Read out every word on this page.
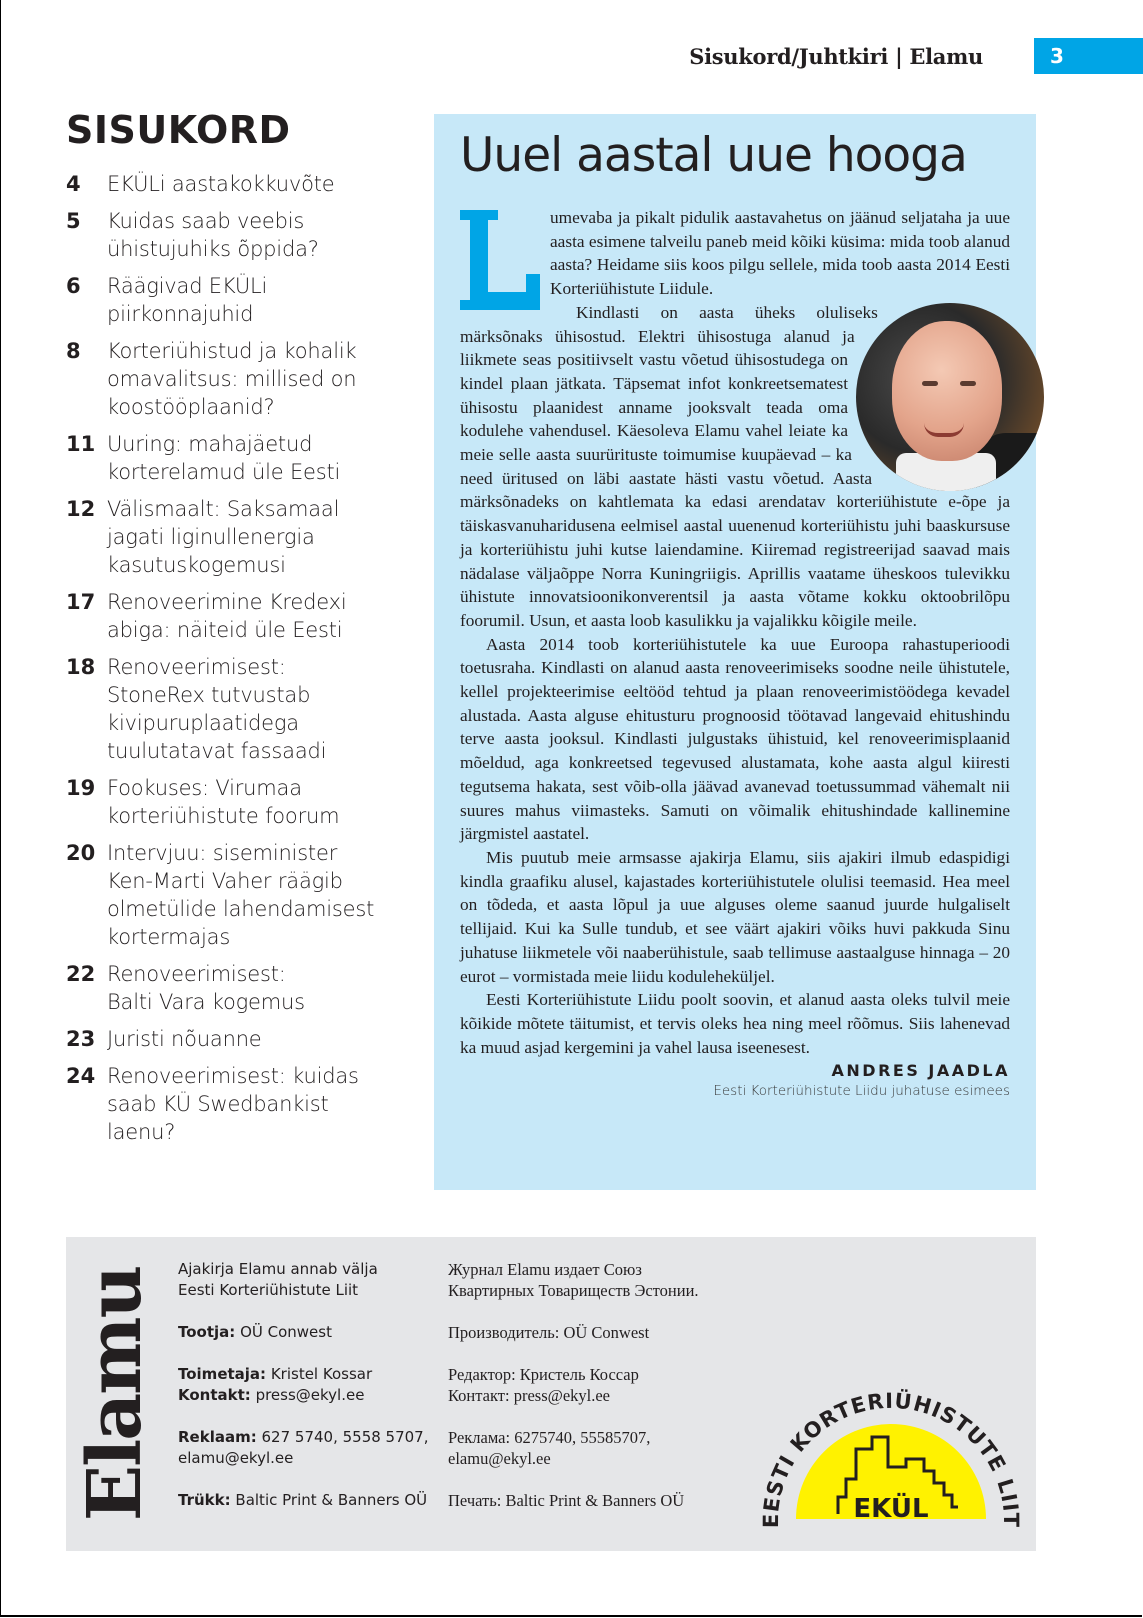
Sisukord/Juhtkiri | Elamu	3
SISUKORD
4	EKÜLi aastakokkuvõte
5	Kuidas saab veebis
ühistujuhiks õppida?
6	Räägivad EKÜLi
piirkonnajuhid
8	Korteriühistud ja kohalik
omavalitsus: millised on
koostööplaanid?
11 Uuring: mahajäetud
korterelamud üle Eesti
12 Välismaalt: Saksamaal
jagati liginullenergia
kasutuskogemusi
17 Renoveerimine Kredexi
abiga: näiteid üle Eesti
18 Renoveerimisest:
StoneRex tutvustab
kivipuruplaatidega
tuulutatavat fassaadi
19 Fookuses: Virumaa
korteriühistute foorum
20 Intervjuu: siseminister
Ken-Marti Vaher räägib
olmetülide lahendamisest
kortermajas
22 Renoveerimisest:
Balti Vara kogemus
23 Juristi nõuanne
24 Renoveerimisest: kuidas
saab KÜ Swedbankist
laenu?
Uuel aastal uue hooga

umevaba ja pikalt pidulik aastavahetus on jäänud seljataha ja uue aasta esimene talveilu paneb meid kõiki küsima: mida toob alanud aasta? Heidame siis koos pilgu sellele, mida toob aasta 2014 Eesti Korteriühistute Liidule.

Kindlasti on aasta üheks oluliseks märksõnaks ühisostud. Elektri ühisostuga alanud ja liikmete seas positiivselt vastu võetud ühisostudega on kindel plaan jätkata. Täpsemat infot konkreetsematest ühisostu plaanidest anname jooksvalt teada oma kodulehe vahendusel. Käesoleva Elamu vahel leiate ka meie selle aasta suurürituste toimumise kuupäevad – ka need üritused on läbi aastate hästi vastu võetud. Aasta märksõnadeks on kahtlemata ka edasi arendatav korteriühistute e-õpe ja täiskasvanuharidusena eelmisel aastal uuenenud korteriühistu juhi baaskursuse ja korteriühistu juhi kutse laiendamine. Kiiremad registreerijad saavad mais nädalase väljaõppe Norra Kuningriigis. Aprillis vaatame üheskoos tulevikku ühistute innovatsioonikonverentsil ja aasta võtame kokku oktoobrilõpu foorumil. Usun, et aasta loob kasulikku ja vajalikku kõigile meile.

Aasta 2014 toob korteriühistutele ka uue Euroopa rahastuperioodi toetusraha. Kindlasti on alanud aasta renoveerimiseks soodne neile ühistutele, kellel projekteerimise eeltööd tehtud ja plaan renoveerimistöödega kevadel alustada. Aasta alguse ehitusturu prognoosid töötavad langevaid ehitushindu terve aasta jooksul. Kindlasti julgustaks ühistuid, kel renoveerimisplaanid mõeldud, aga konkreetsed tegevused alustamata, kohe aasta algul kiiresti tegutsema hakata, sest võib-olla jäävad avanevad toetussummad vähemalt nii suures mahus viimasteks. Samuti on võimalik ehitushindade kallinemine järgmistel aastatel.

Mis puutub meie armsasse ajakirja Elamu, siis ajakiri ilmub edaspidigi kindla graafiku alusel, kajastades korteriühistutele olulisi teemasid. Hea meel on tõdeda, et aasta lõpul ja uue alguses oleme saanud juurde hulgaliselt tellijaid. Kui ka Sulle tundub, et see väärt ajakiri võiks huvi pakkuda Sinu juhatuse liikmetele või naaberühistule, saab tellimuse aastaalguse hinnaga – 20 eurot – vormistada meie liidu koduleheküljel.

Eesti Korteriühistute Liidu poolt soovin, et alanud aasta oleks tulvil meie kõikide mõtete täitumist, et tervis oleks hea ning meel rõõmus. Siis lahenevad ka muud asjad kergemini ja vahel lausa iseenesest.

ANDRES JAADLA
Eesti Korteriühistute Liidu juhatuse esimees
Elamu Ajakirja Elamu annab välja
Eesti Korteriühistute Liit
Tootja: OÜ Conwest
Toimetaja: Kristel Kossar
Kontakt: press@ekyl.ee
Reklaam: 627 5740, 5558 5707,
elamu@ekyl.ee
Trükk: Baltic Print & Banners OÜ
Журнал Elamu издает Союз
Квартирных Товариществ Эстонии.
Производитель: OÜ Conwest
Редактор: Кристель Коссар
Контакт: press@ekyl.ee
Реклама: 6275740, 55585707,
elamu@ekyl.ee
Печать: Baltic Print & Banners OÜ
EESTI KORTERIÜHISTUTE LIIT
EKÜL
